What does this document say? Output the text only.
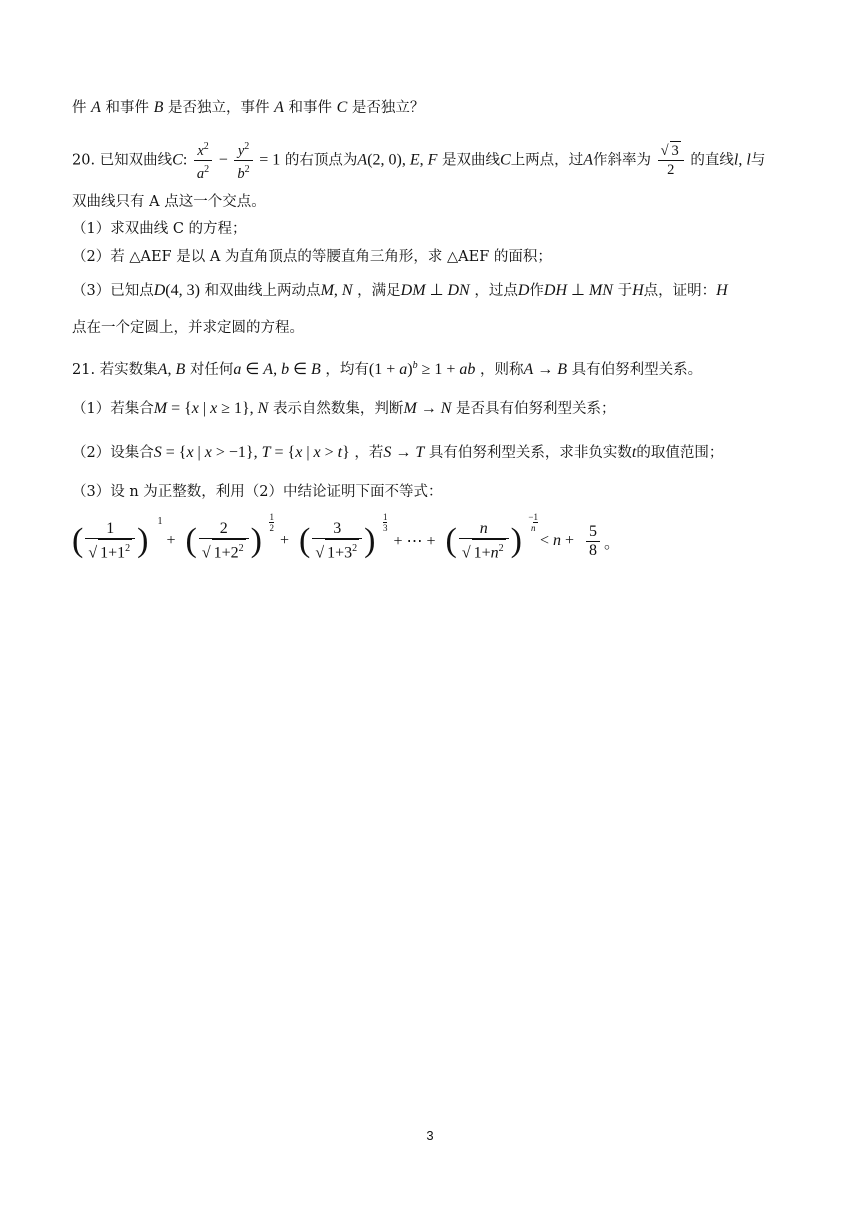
件 A 和事件 B 是否独立，事件 A 和事件 C 是否独立？
20. 已知双曲线C: $\frac{x^2}{a^2} - \frac{y^2}{b^2} = 1$ 的右顶点为A(2, 0), E, F 是双曲线C上两点，过A作斜率为 $\frac{√ 3}{2}$ 的直线l, l与
双曲线只有 A 点这一个交点。
（1）求双曲线 C 的方程；
（2）若 △AEF 是以 A 为直角顶点的等腰直角三角形，求 △AEF 的面积；
（3）已知点D(4, 3) 和双曲线上两动点M, N ，满足DM ⊥ DN ，过点D作DH ⊥ MN 于H点，证明：H
点在一个定圆上，并求定圆的方程。
21. 若实数集A, B 对任何a ∈ A, b ∈ B ，均有$(1 + a)^b \ge 1$ + ab ，则称A → B 具有伯努利型关系。
（1）若集合M = {x | x ≥ 1}, N 表示自然数集，判断M → N 是否具有伯努利型关系；
（2）设集合S = {x | x > −1}, T = {x | x > t} ，若S → T 具有伯努利型关系，求非负实数t的取值范围；
（3）设 n 为正整数，利用（2）中结论证明下面不等式：
( $\frac{1}{√ 1+1^2}$ )
1
+ ( $\frac{2}{√ 1+2^2}$ )
1
2
+ ( $\frac{3}{√ 1+3^2}$ )
1
3
+ ⋯ + ( $\frac{n}{√ 1+n^2}$ )
−1
n
< $n + \frac{5}{8}$ 。
3
